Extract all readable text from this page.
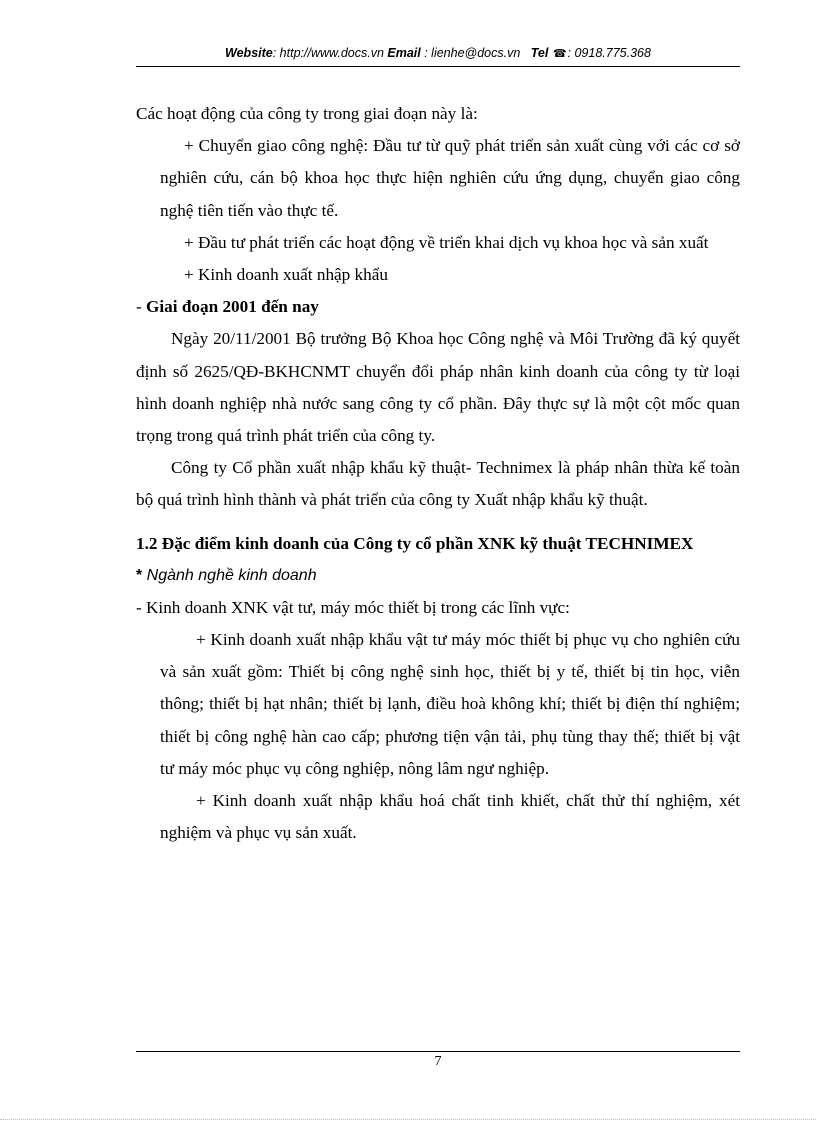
Website: http://www.docs.vn Email : lienhe@docs.vn Tel ☎: 0918.775.368

Các hoạt động của công ty trong giai đoạn này là:

+ Chuyển giao công nghệ: Đầu tư từ quỹ phát triển sản xuất cùng với các cơ sở nghiên cứu, cán bộ khoa học thực hiện nghiên cứu ứng dụng, chuyển giao công nghệ tiên tiến vào thực tế.

+ Đầu tư phát triển các hoạt động về triển khai dịch vụ khoa học và sản xuất

+ Kinh doanh xuất nhập khẩu

- Giai đoạn 2001 đến nay

Ngày 20/11/2001 Bộ trưởng Bộ Khoa học Công nghệ và Môi Trường đã ký quyết định số 2625/QĐ-BKHCNMT chuyển đổi pháp nhân kinh doanh của công ty từ loại hình doanh nghiệp nhà nước sang công ty cổ phần. Đây thực sự là một cột mốc quan trọng trong quá trình phát triển của công ty.

Công ty Cổ phần xuất nhập khẩu kỹ thuật- Technimex là pháp nhân thừa kế toàn bộ quá trình hình thành và phát triển của công ty Xuất nhập khẩu kỹ thuật.

1.2 Đặc điểm kinh doanh của Công ty cổ phần XNK kỹ thuật TECHNIMEX

* Ngành nghề kinh doanh

- Kinh doanh XNK vật tư, máy móc thiết bị trong các lĩnh vực:

+ Kinh doanh xuất nhập khẩu vật tư máy móc thiết bị phục vụ cho nghiên cứu và sản xuất gồm: Thiết bị công nghệ sinh học, thiết bị y tế, thiết bị tin học, viễn thông; thiết bị hạt nhân; thiết bị lạnh, điều hoà không khí; thiết bị điện thí nghiệm; thiết bị công nghệ hàn cao cấp; phương tiện vận tải, phụ tùng thay thế; thiết bị vật tư máy móc phục vụ công nghiệp, nông lâm ngư nghiệp.

+ Kinh doanh xuất nhập khẩu hoá chất tinh khiết, chất thử thí nghiệm, xét nghiệm và phục vụ sản xuất.

7
